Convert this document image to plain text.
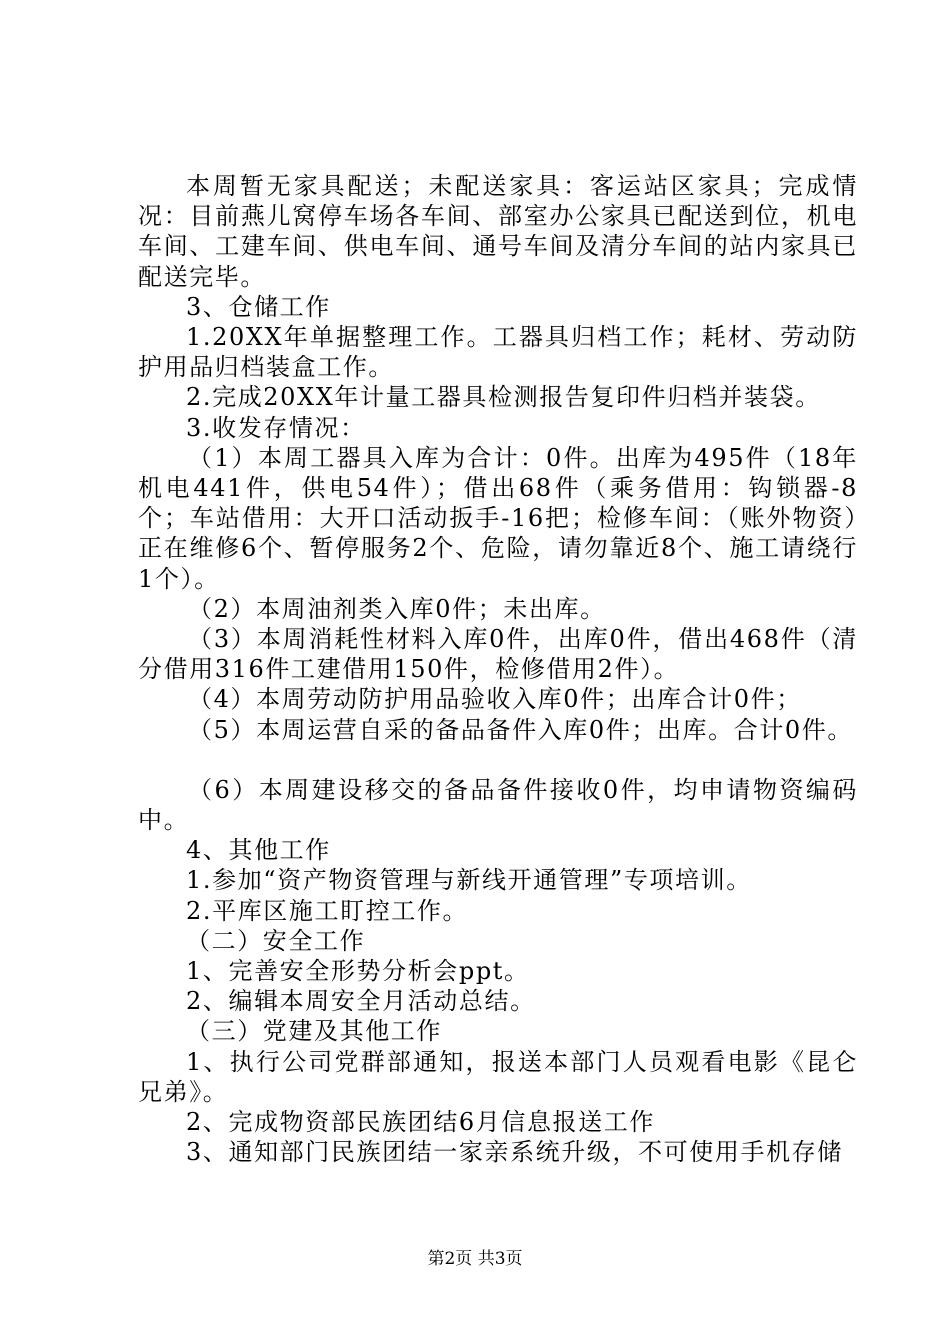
本周暂无家具配送；未配送家具：客运站区家具；完成情况：目前燕儿窝停车场各车间、部室办公家具已配送到位，机电车间、工建车间、供电车间、通号车间及清分车间的站内家具已配送完毕。

3、仓储工作

1.20XX年单据整理工作。工器具归档工作；耗材、劳动防护用品归档装盒工作。

2.完成20XX年计量工器具检测报告复印件归档并装袋。

3.收发存情况：

（1）本周工器具入库为合计：0件。出库为495件（18年机电441件，供电54件）；借出68件（乘务借用：钩锁器-8个；车站借用：大开口活动扳手-16把；检修车间：（账外物资）正在维修6个、暂停服务2个、危险，请勿靠近8个、施工请绕行1个）。

（2）本周油剂类入库0件；未出库。

（3）本周消耗性材料入库0件，出库0件，借出468件（清分借用316件工建借用150件，检修借用2件）。

（4）本周劳动防护用品验收入库0件；出库合计0件；

（5）本周运营自采的备品备件入库0件；出库。合计0件。

（6）本周建设移交的备品备件接收0件，均申请物资编码中。

4、其他工作

1.参加“资产物资管理与新线开通管理”专项培训。

2.平库区施工盯控工作。

（二）安全工作

1、完善安全形势分析会ppt。

2、编辑本周安全月活动总结。

（三）党建及其他工作

1、执行公司党群部通知，报送本部门人员观看电影《昆仑兄弟》。

2、完成物资部民族团结6月信息报送工作

3、通知部门民族团结一家亲系统升级，不可使用手机存储

第2页 共3页
